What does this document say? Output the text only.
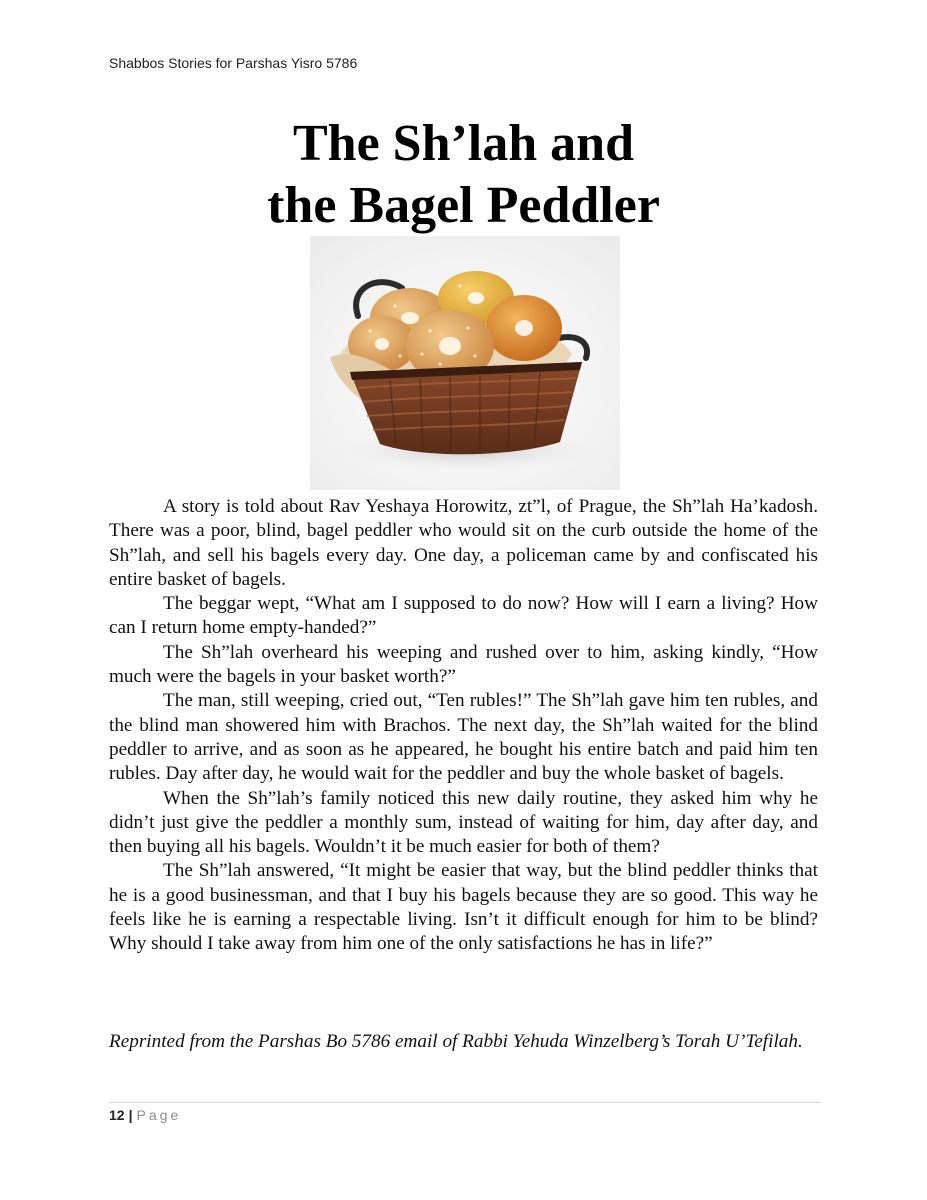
Shabbos Stories for Parshas Yisro 5786
The Sh’lah and
the Bagel Peddler

A story is told about Rav Yeshaya Horowitz, zt”l, of Prague, the Sh”lah Ha’kadosh. There was a poor, blind, bagel peddler who would sit on the curb outside the home of the Sh”lah, and sell his bagels every day. One day, a policeman came by and confiscated his entire basket of bagels.

The beggar wept, “What am I supposed to do now? How will I earn a living? How can I return home empty-handed?”

The Sh”lah overheard his weeping and rushed over to him, asking kindly, “How much were the bagels in your basket worth?”

The man, still weeping, cried out, “Ten rubles!” The Sh”lah gave him ten rubles, and the blind man showered him with Brachos. The next day, the Sh”lah waited for the blind peddler to arrive, and as soon as he appeared, he bought his entire batch and paid him ten rubles. Day after day, he would wait for the peddler and buy the whole basket of bagels.

When the Sh”lah’s family noticed this new daily routine, they asked him why he didn’t just give the peddler a monthly sum, instead of waiting for him, day after day, and then buying all his bagels. Wouldn’t it be much easier for both of them?

The Sh”lah answered, “It might be easier that way, but the blind peddler thinks that he is a good businessman, and that I buy his bagels because they are so good. This way he feels like he is earning a respectable living. Isn’t it difficult enough for him to be blind? Why should I take away from him one of the only satisfactions he has in life?”

Reprinted from the Parshas Bo 5786 email of Rabbi Yehuda Winzelberg’s Torah U’Tefilah.

12 | Page
